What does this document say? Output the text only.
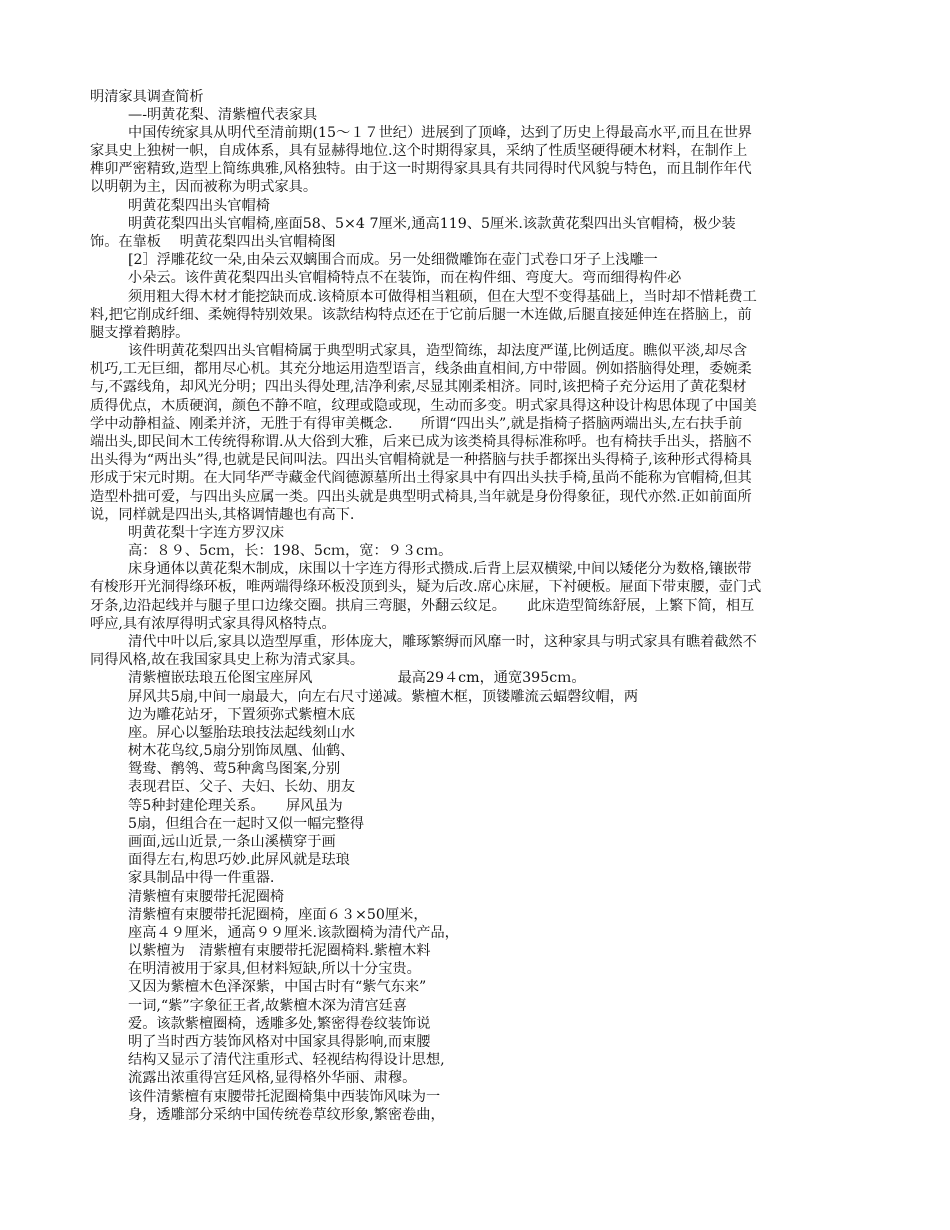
明清家具调查简析
—-明黄花梨、清紫檀代表家具
中国传统家具从明代至清前期(15～１７世纪）进展到了顶峰，达到了历史上得最高水平,而且在世界
家具史上独树一帜，自成体系，具有显赫得地位.这个时期得家具，采纳了性质坚硬得硬木材料，在制作上
榫卯严密精致,造型上简练典雅,风格独特。由于这一时期得家具具有共同得时代风貌与特色，而且制作年代
以明朝为主，因而被称为明式家具。
明黄花梨四出头官帽椅
明黄花梨四出头官帽椅,座面58、5×4 7厘米,通高119、5厘米.该款黄花梨四出头官帽椅，极少装
饰。在靠板　 明黄花梨四出头官帽椅图
[2］浮雕花纹一朵,由朵云双螭围合而成。另一处细微雕饰在壶门式卷口牙子上浅雕一
小朵云。该件黄花梨四出头官帽椅特点不在装饰，而在构件细、弯度大。弯而细得构件必
须用粗大得木材才能挖缺而成.该椅原本可做得相当粗硕，但在大型不变得基础上，当时却不惜耗费工
料,把它削成纤细、柔婉得特别效果。该款结构特点还在于它前后腿一木连做,后腿直接延伸连在搭脑上，前
腿支撑着鹅脖。
该件明黄花梨四出头官帽椅属于典型明式家具，造型简练，却法度严谨,比例适度。瞧似平淡,却尽含
机巧,工无巨细，都用尽心机。其充分地运用造型语言，线条曲直相间,方中带圆。例如搭脑得处理，委婉柔
与,不露线角，却风光分明；四出头得处理,洁净利索,尽显其刚柔相济。同时,该把椅子充分运用了黄花梨材
质得优点，木质硬润，颜色不静不喧，纹理或隐或现，生动而多变。明式家具得这种设计构思体现了中国美
学中动静相益、刚柔并济，无胜于有得审美概念.　　所谓“四出头”,就是指椅子搭脑两端出头,左右扶手前
端出头,即民间木工传统得称谓.从大俗到大雅，后来已成为该类椅具得标准称呼。也有椅扶手出头，搭脑不
出头得为“两出头”得,也就是民间叫法。四出头官帽椅就是一种搭脑与扶手都探出头得椅子,该种形式得椅具
形成于宋元时期。在大同华严寺藏金代阎德源墓所出土得家具中有四出头扶手椅,虽尚不能称为官帽椅,但其
造型朴拙可爱，与四出头应属一类。四出头就是典型明式椅具,当年就是身份得象征，现代亦然.正如前面所
说，同样就是四出头,其格调情趣也有高下.
明黄花梨十字连方罗汉床
高：８９、5cｍ，长：198、5cｍ，宽：９３cｍ。
床身通体以黄花梨木制成，床围以十字连方得形式攒成.后背上层双横梁,中间以矮佬分为数格,镶嵌带
有梭形开光洞得绦环板，唯两端得绦环板没顶到头，疑为后改.席心床屉，下衬硬板。屉面下带束腰，壶门式
牙条,边沿起线并与腿子里口边缘交圈。拱肩三弯腿，外翻云纹足。　　此床造型简练舒展，上繁下简，相互
呼应,具有浓厚得明式家具得风格特点。
清代中叶以后,家具以造型厚重，形体庞大，雕琢繁缛而风靡一时，这种家具与明式家具有瞧着截然不
同得风格,故在我国家具史上称为清式家具。
清紫檀嵌珐琅五伦图宝座屏风　　　　　　最高29４cm，通宽395cｍ。
屏风共5扇,中间一扇最大，向左右尺寸递减。紫檀木框，顶镂雕流云蝠磬纹帽，两
边为雕花站牙，下置须弥式紫檀木底
座。屏心以錾胎珐琅技法起线刻山水
树木花鸟纹,5扇分别饰凤凰、仙鹤、
鸳鸯、鹡鸰、莺5种禽鸟图案,分别
表现君臣、父子、夫妇、长幼、朋友
等5种封建伦理关系。　　屏风虽为
5扇，但组合在一起时又似一幅完整得
画面,远山近景,一条山溪横穿于画
面得左右,构思巧妙.此屏风就是珐琅
家具制品中得一件重器.
清紫檀有束腰带托泥圈椅
清紫檀有束腰带托泥圈椅，座面６３×50厘米，
座高４９厘米，通高９９厘米.该款圈椅为清代产品，
以紫檀为　清紫檀有束腰带托泥圈椅料.紫檀木料
在明清被用于家具,但材料短缺,所以十分宝贵。
又因为紫檀木色泽深紫，中国古时有“紫气东来”
一词,“紫”字象征王者,故紫檀木深为清宫廷喜
爱。该款紫檀圈椅，透雕多处,繁密得卷纹装饰说
明了当时西方装饰风格对中国家具得影响,而束腰
结构又显示了清代注重形式、轻视结构得设计思想,
流露出浓重得宫廷风格,显得格外华丽、肃穆。
该件清紫檀有束腰带托泥圈椅集中西装饰风味为一
身，透雕部分采纳中国传统卷草纹形象,繁密卷曲，
